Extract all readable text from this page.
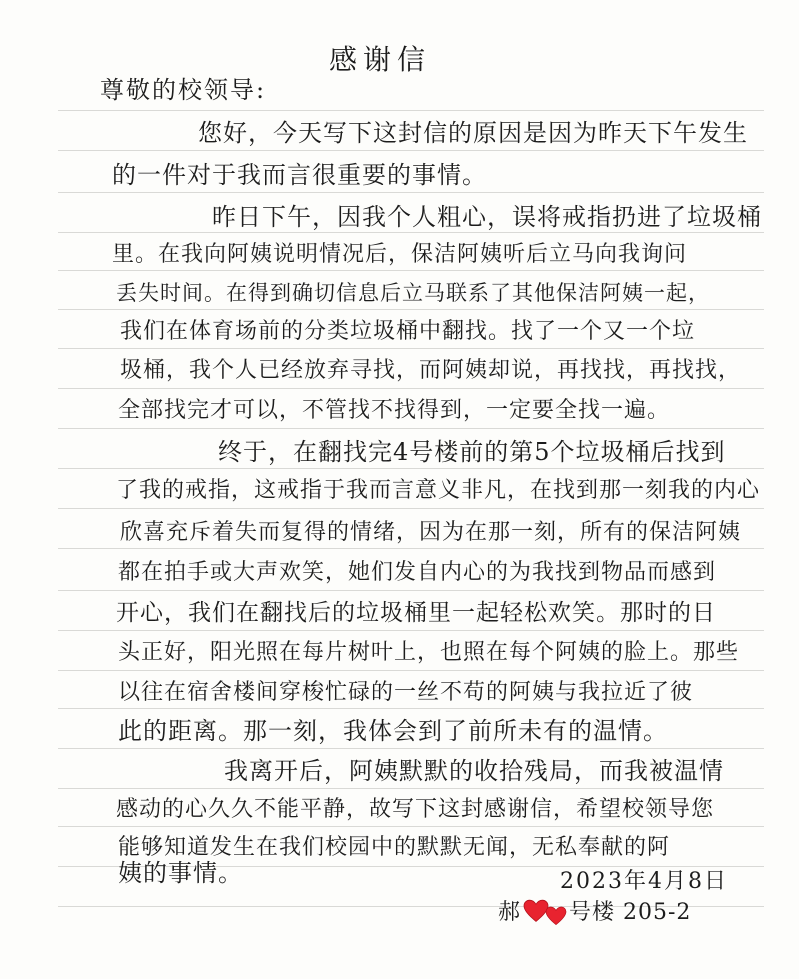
感谢信
尊敬的校领导:
您好，今天写下这封信的原因是因为昨天下午发生
的一件对于我而言很重要的事情。
昨日下午，因我个人粗心，误将戒指扔进了垃圾桶
里。在我向阿姨说明情况后，保洁阿姨听后立马向我询问
丢失时间。在得到确切信息后立马联系了其他保洁阿姨一起，
我们在体育场前的分类垃圾桶中翻找。找了一个又一个垃
圾桶，我个人已经放弃寻找，而阿姨却说，再找找，再找找，
全部找完才可以，不管找不找得到，一定要全找一遍。
终于，在翻找完4号楼前的第5个垃圾桶后找到
了我的戒指，这戒指于我而言意义非凡，在找到那一刻我的内心
欣喜充斥着失而复得的情绪，因为在那一刻，所有的保洁阿姨
都在拍手或大声欢笑，她们发自内心的为我找到物品而感到
开心，我们在翻找后的垃圾桶里一起轻松欢笑。那时的日
头正好，阳光照在每片树叶上，也照在每个阿姨的脸上。那些
以往在宿舍楼间穿梭忙碌的一丝不苟的阿姨与我拉近了彼
此的距离。那一刻，我体会到了前所未有的温情。
我离开后，阿姨默默的收拾残局，而我被温情
感动的心久久不能平静，故写下这封感谢信，希望校领导您
能够知道发生在我们校园中的默默无闻，无私奉献的阿
姨的事情。	2023年4月8日
郝 号楼 205-2
